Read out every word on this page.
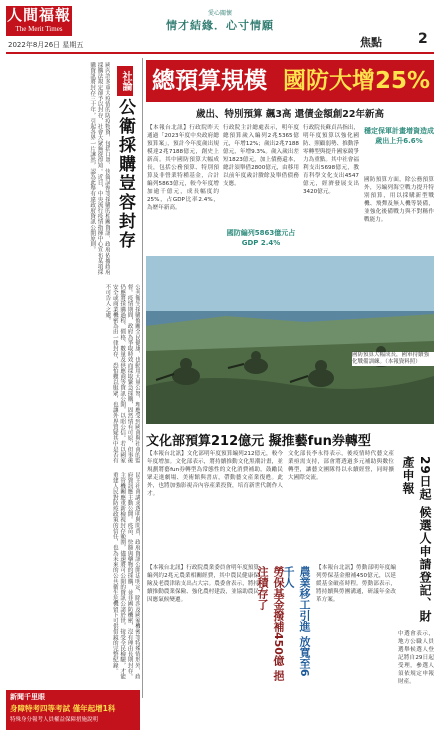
人間福報
The Merit Times
愛心關懷
情才結緣．心寸情願
2022年8月26日 星期五	焦點	2
社論
公衛採購豈容封存
國內許多重大疫情的防疫物資，包括口罩、快篩試劑等採購的相關資訊，政府依據政府採購法規定卻予以封存，社會大眾無從得知。近日，中央流行疫情指揮中心宣布某項採購資訊將封存三十年，引起各界一片譁然，認為此舉有違政府資訊公開原則。
公共衛生採購攸關全民健康，也動用大量公帑，理應受到國會與社會的監督。疫情期間，政府為爭取時效而採取緊急採購，固然情有可原，但事後仍應將採購過程、價格、數量及供應商等資訊公開，以昭公信。若以國家安全或商業機密為由一律封存，恐怕難以服眾，也讓外界質疑其中是否有不可告人之處。
民主社會講求透明與問責，政府資訊公開法明定，除涉及國家機密等特殊情形外，政府資訊應主動公開。疫苗、快篩與藥物的採購，並非國防機密，沒有理由長期封存。主管機關應重新檢視封存範圍，儘速將可公開的資訊公諸於世，接受全民檢驗，才能重建人民對防疫政策的信任，也為未來的公共衛生危機留下可供借鏡的完整紀錄。
總預算規模 國防大增25%
歲出、特別預算 飆3高 還債金額創22年新高
【本報台北訊】行政院昨天通過「2023年度中央政府總預算案」，預計今年度歲出規模達2兆7188億元，創史上新高。其中國防預算大幅成長，包括公務預算、特別預算及非營業特種基金，合計編列5863億元，較今年度增加逾千億元，成長幅度約25%，占GDP比率2.4%，為歷年新高。
行政院主計總處表示，明年度總預算歲入編列2兆5365億元，年增12%；歲出2兆7188億元，年增9.3%。歲入歲出差短1823億元，加上債務還本，總計須舉借2800億元，由移用以前年度歲計賸餘及舉借債務支應。
行政院長蘇貞昌指出，明年度預算以強化國防、照顧弱勢、推動淨零轉型與提升國家競爭力為重點。其中社會福利支出5698億元，教育科學文化支出4547億元，經濟發展支出3420億元。
穩定保軍計畫增資造成歲出上升6.6%
國防預算方面，除公務預算外，另編列海空戰力提升特別預算，用以採購新型戰機、飛彈及無人機等裝備，並強化後備戰力與不對稱作戰能力。
國防編列5863億元占GDP 2.4%
國防預算大幅成長，國軍持續強化戰備訓練。（本報資料照）
文化部預算212億元 擬推藝fun券轉型
【本報台北訊】文化部明年度預算編列212億元，較今年度增加。文化部表示，將持續推動文化黑潮計畫，並規劃將藝fun券轉型為常態性的文化消費補助，鼓勵民眾走進劇場、美術館與書店，帶動藝文產業復甦。此外，也將加強影視音內容產業投資，培育新世代創作人才。
文化部長李永得表示，後疫情時代藝文產業亟需支持，部會將透過多元補助與數位轉型，讓藝文團隊得以永續經營，同時擴大國際交流。	29日起 候選人申請登記、財產申報
【本報台北訊】行政院農業委員會明年度預算編列約2兆元農業相關經費，其中農民健康保險及老農津貼支出占大宗。農委會表示，將持續推動農業保險、強化農村建設，並協助農民因應氣候變遷。	勞保基金撥補450億 挹注積存了	農業移工引進 放寬至6千人	【本報台北訊】勞動部明年度編列勞保基金撥補450億元，以延緩基金破產時程。勞動部表示，將持續與勞團溝通，研議年金改革方案。
中選會表示，地方公職人員選舉候選人登記將自29日起受理，參選人須依規定申報財產。
新聞千里眼
身障特考四等考試 僅年起增1科
特殊身分報考人員權益保障措施說明
